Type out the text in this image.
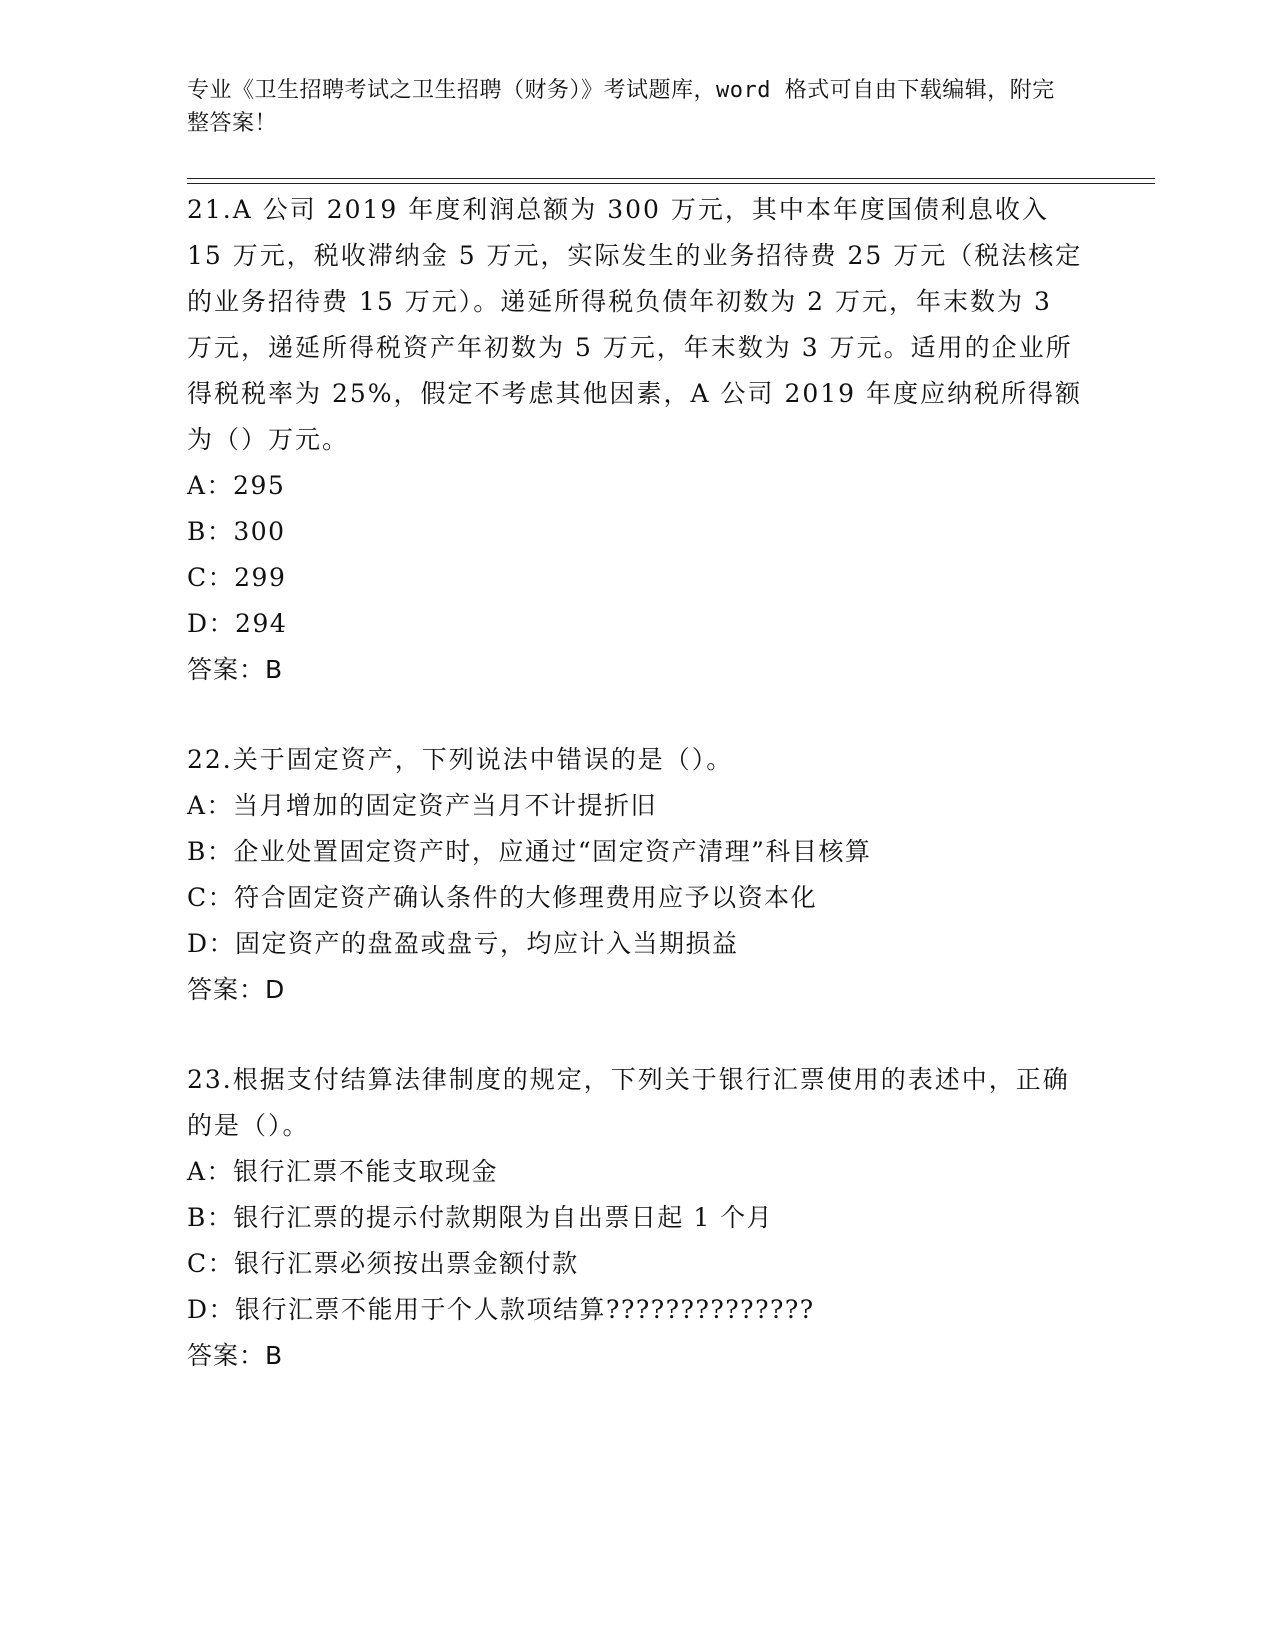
专业《卫生招聘考试之卫生招聘（财务）》考试题库，word 格式可自由下载编辑，附完整答案！

21.A 公司 2019 年度利润总额为 300 万元，其中本年度国债利息收入 15 万元，税收滞纳金 5 万元，实际发生的业务招待费 25 万元（税法核定的业务招待费 15 万元）。递延所得税负债年初数为 2 万元，年末数为 3 万元，递延所得税资产年初数为 5 万元，年末数为 3 万元。适用的企业所得税税率为 25%，假定不考虑其他因素，A 公司 2019 年度应纳税所得额为（）万元。

A：295

B：300

C：299

D：294

答案：B

22.关于固定资产，下列说法中错误的是（）。

A：当月增加的固定资产当月不计提折旧

B：企业处置固定资产时，应通过“固定资产清理”科目核算

C：符合固定资产确认条件的大修理费用应予以资本化

D：固定资产的盘盈或盘亏，均应计入当期损益

答案：D

23.根据支付结算法律制度的规定，下列关于银行汇票使用的表述中，正确的是（）。

A：银行汇票不能支取现金

B：银行汇票的提示付款期限为自出票日起 1 个月

C：银行汇票必须按出票金额付款

D：银行汇票不能用于个人款项结算??????????????

答案：B
